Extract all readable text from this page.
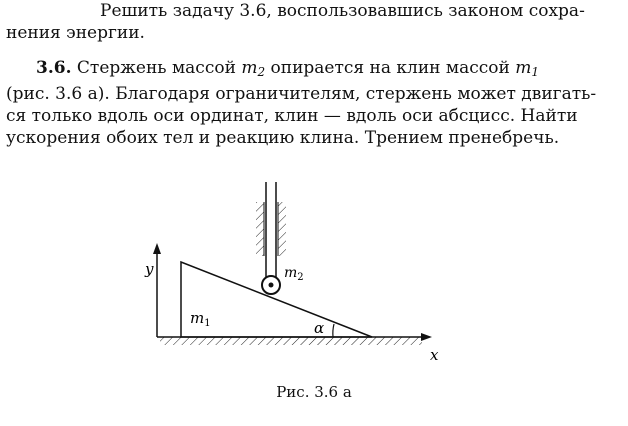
Решить задачу 3.6, воспользовавшись законом сохра-
нения энергии.
3.6. Стержень массой $m_2$ опирается на клин массой $m_1$
(рис. 3.6 а). Благодаря ограничителям, стержень может двигать-
ся только вдоль оси ординат, клин — вдоль оси абсцисс. Найти
ускорения обоих тел и реакцию клина. Трением пренебречь.
y
x
$m_1$
$m_2$
α
Рис. 3.6 а
